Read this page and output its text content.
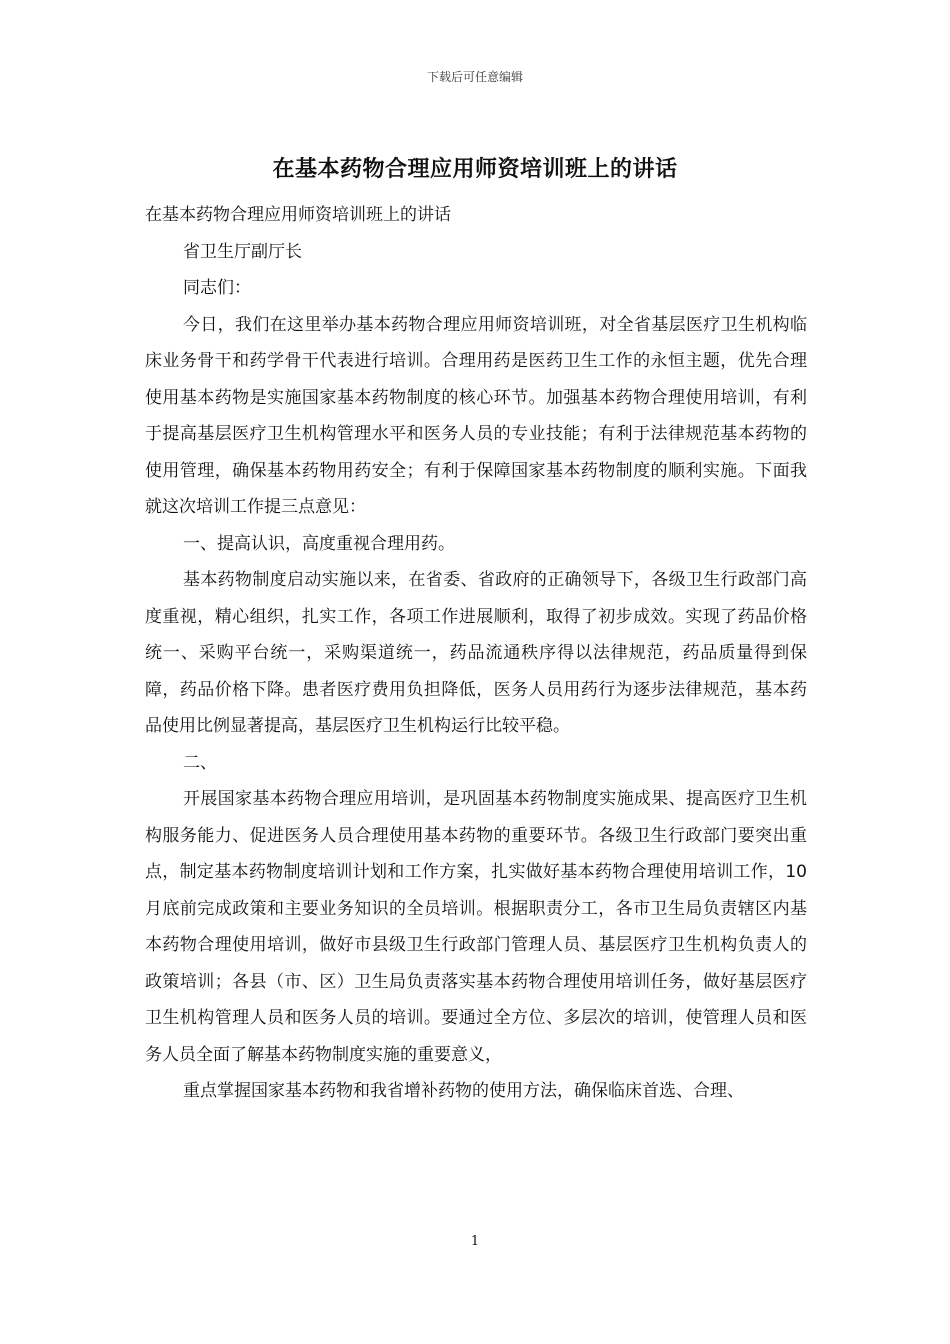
下载后可任意编辑
在基本药物合理应用师资培训班上的讲话

在基本药物合理应用师资培训班上的讲话

省卫生厅副厅长

同志们：

今日，我们在这里举办基本药物合理应用师资培训班，对全省基层医疗卫生机构临床业务骨干和药学骨干代表进行培训。合理用药是医药卫生工作的永恒主题，优先合理使用基本药物是实施国家基本药物制度的核心环节。加强基本药物合理使用培训，有利于提高基层医疗卫生机构管理水平和医务人员的专业技能；有利于法律规范基本药物的使用管理，确保基本药物用药安全；有利于保障国家基本药物制度的顺利实施。下面我就这次培训工作提三点意见：

一、提高认识，高度重视合理用药。

基本药物制度启动实施以来，在省委、省政府的正确领导下，各级卫生行政部门高度重视，精心组织，扎实工作，各项工作进展顺利，取得了初步成效。实现了药品价格统一、采购平台统一，采购渠道统一，药品流通秩序得以法律规范，药品质量得到保障，药品价格下降。患者医疗费用负担降低，医务人员用药行为逐步法律规范，基本药品使用比例显著提高，基层医疗卫生机构运行比较平稳。

二、

开展国家基本药物合理应用培训，是巩固基本药物制度实施成果、提高医疗卫生机构服务能力、促进医务人员合理使用基本药物的重要环节。各级卫生行政部门要突出重点，制定基本药物制度培训计划和工作方案，扎实做好基本药物合理使用培训工作，10月底前完成政策和主要业务知识的全员培训。根据职责分工，各市卫生局负责辖区内基本药物合理使用培训，做好市县级卫生行政部门管理人员、基层医疗卫生机构负责人的政策培训；各县（市、区）卫生局负责落实基本药物合理使用培训任务，做好基层医疗卫生机构管理人员和医务人员的培训。要通过全方位、多层次的培训，使管理人员和医务人员全面了解基本药物制度实施的重要意义，

重点掌握国家基本药物和我省增补药物的使用方法，确保临床首选、合理、

1
